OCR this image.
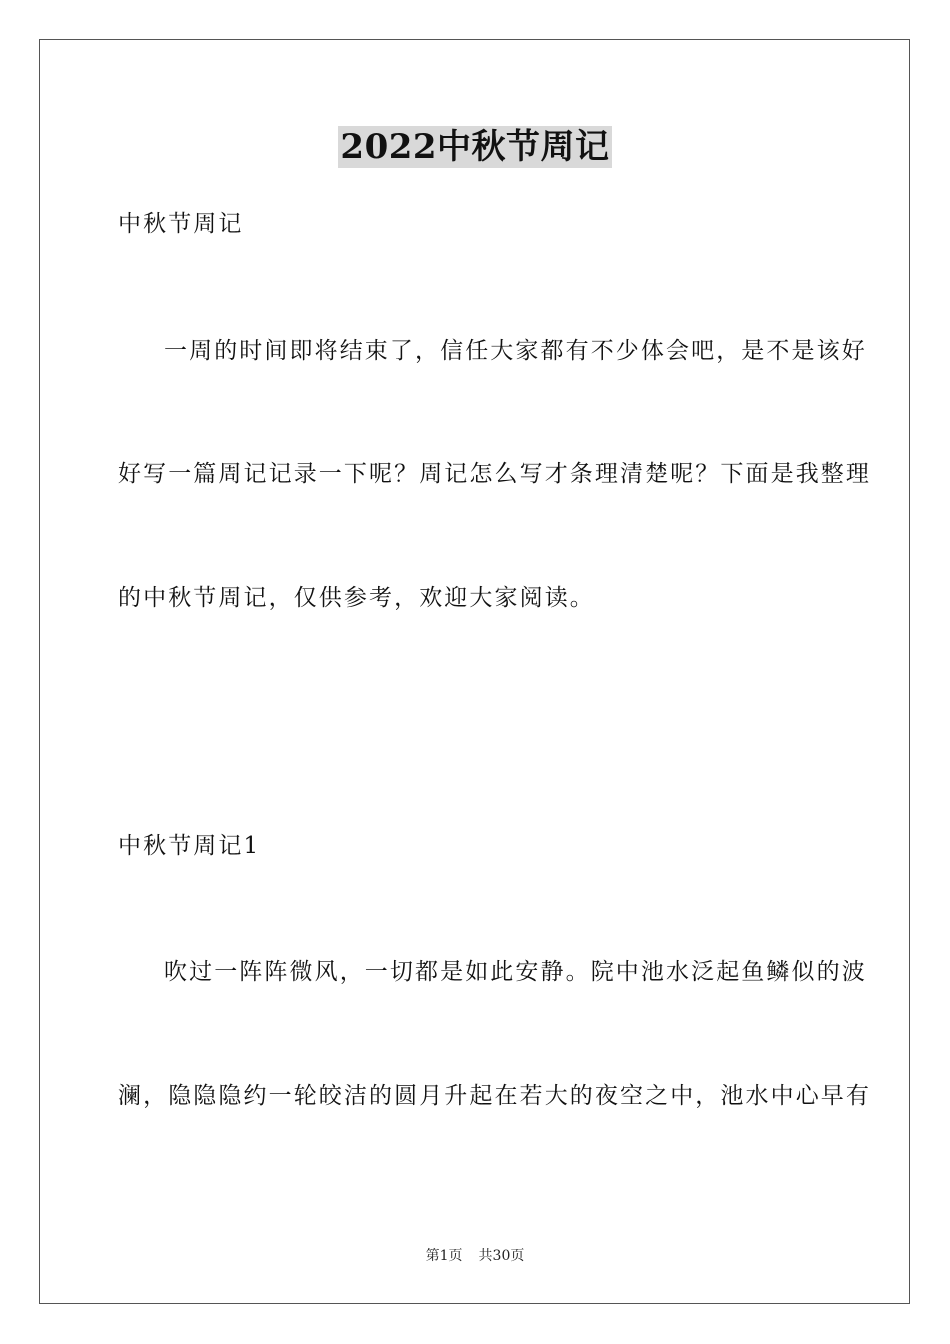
2022中秋节周记
中秋节周记
一周的时间即将结束了，信任大家都有不少体会吧，是不是该好
好写一篇周记记录一下呢？周记怎么写才条理清楚呢？下面是我整理
的中秋节周记，仅供参考，欢迎大家阅读。
中秋节周记1
吹过一阵阵微风，一切都是如此安静。院中池水泛起鱼鳞似的波
澜，隐隐隐约一轮皎洁的圆月升起在若大的夜空之中，池水中心早有
第1页 共30页
